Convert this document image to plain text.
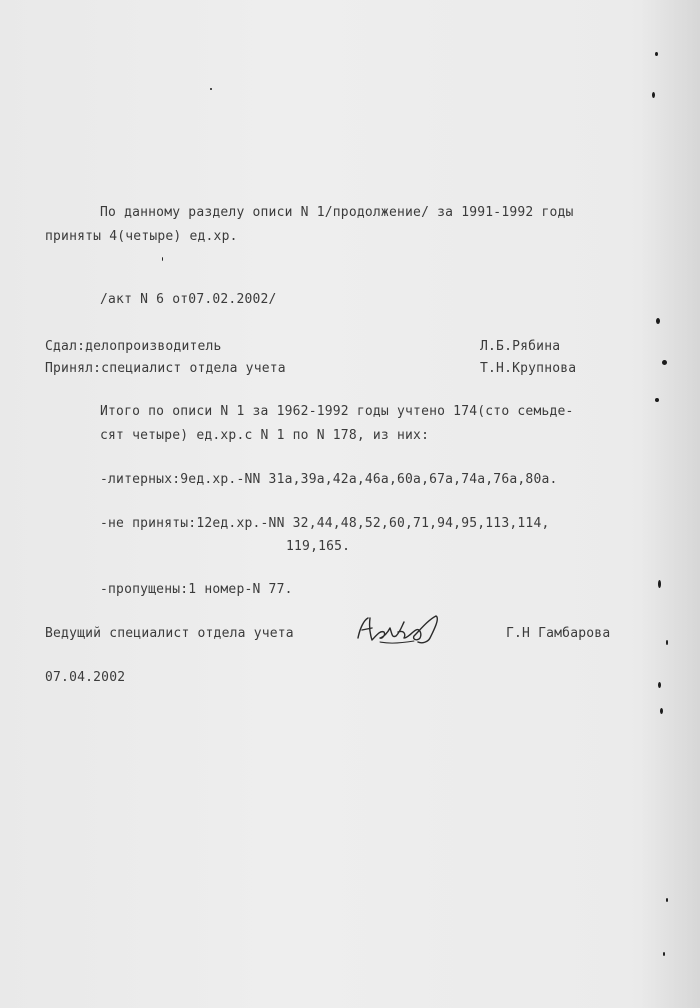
По данному разделу описи N 1/продолжение/ за 1991-1992 годы
приняты 4(четыре) ед.хр.
/акт N 6 от07.02.2002/
Сдал:делопроизводитель	Л.Б.Рябина
Принял:специалист отдела учета	Т.Н.Крупнова
Итого по описи N 1 за 1962-1992 годы учтено 174(сто семьде-
сят четыре) ед.хр.с N 1 по N 178, из них:
-литерных:9ед.хр.-NN 31а,39а,42а,46а,60а,67а,74а,76а,80а.
-не приняты:12ед.хр.-NN 32,44,48,52,60,71,94,95,113,114,
119,165.
-пропущены:1 номер-N 77.
Ведущий специалист отдела учета	Г.Н Гамбарова
07.04.2002
